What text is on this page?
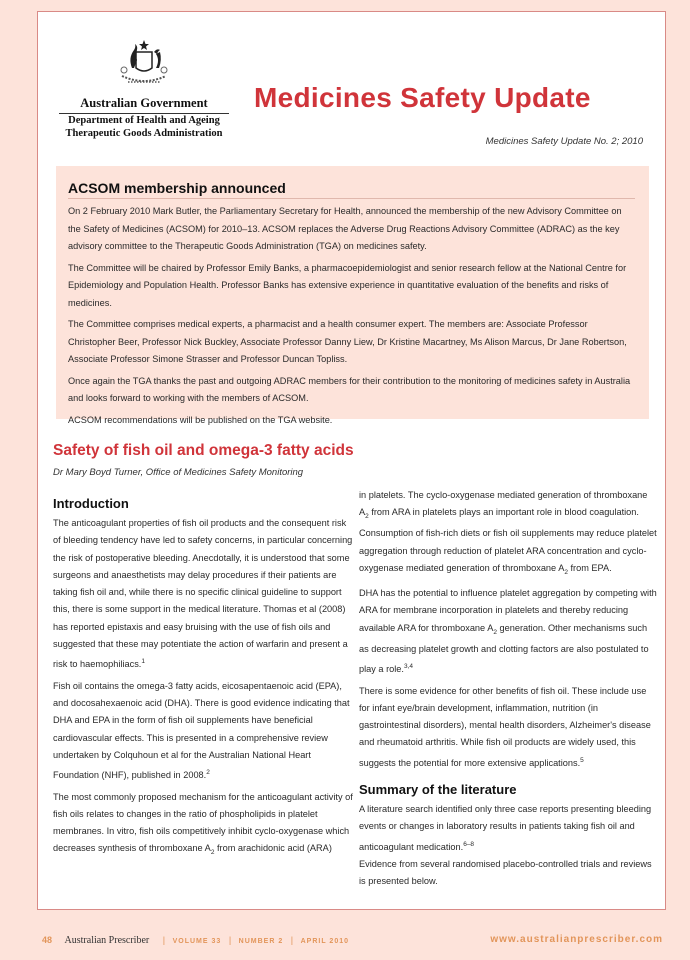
Australian Government
Department of Health and Ageing
Therapeutic Goods Administration
Medicines Safety Update
Medicines Safety Update No. 2; 2010
ACSOM membership announced

On 2 February 2010 Mark Butler, the Parliamentary Secretary for Health, announced the membership of the new Advisory Committee on the Safety of Medicines (ACSOM) for 2010–13. ACSOM replaces the Adverse Drug Reactions Advisory Committee (ADRAC) as the key advisory committee to the Therapeutic Goods Administration (TGA) on medicines safety.

The Committee will be chaired by Professor Emily Banks, a pharmacoepidemiologist and senior research fellow at the National Centre for Epidemiology and Population Health. Professor Banks has extensive experience in quantitative evaluation of the benefits and risks of medicines.

The Committee comprises medical experts, a pharmacist and a health consumer expert. The members are: Associate Professor Christopher Beer, Professor Nick Buckley, Associate Professor Danny Liew, Dr Kristine Macartney, Ms Alison Marcus, Dr Jane Robertson, Associate Professor Simone Strasser and Professor Duncan Topliss.

Once again the TGA thanks the past and outgoing ADRAC members for their contribution to the monitoring of medicines safety in Australia and looks forward to working with the members of ACSOM.

ACSOM recommendations will be published on the TGA website.

Safety of fish oil and omega-3 fatty acids
Dr Mary Boyd Turner, Office of Medicines Safety Monitoring
Introduction

The anticoagulant properties of fish oil products and the consequent risk of bleeding tendency have led to safety concerns, in particular concerning the risk of postoperative bleeding. Anecdotally, it is understood that some surgeons and anaesthetists may delay procedures if their patients are taking fish oil and, while there is no specific clinical guideline to support this, there is some support in the medical literature. Thomas et al (2008) has reported epistaxis and easy bruising with the use of fish oils and suggested that these may potentiate the action of warfarin and present a risk to haemophiliacs.$^1$

Fish oil contains the omega-3 fatty acids, eicosapentaenoic acid (EPA), and docosahexaenoic acid (DHA). There is good evidence indicating that DHA and EPA in the form of fish oil supplements have beneficial cardiovascular effects. This is presented in a comprehensive review undertaken by Colquhoun et al for the Australian National Heart Foundation (NHF), published in 2008.$^2$

The most commonly proposed mechanism for the anticoagulant activity of fish oils relates to changes in the ratio of phospholipids in platelet membranes. In vitro, fish oils competitively inhibit cyclo-oxygenase which decreases synthesis of thromboxane $A_2$ from arachidonic acid (ARA)

in platelets. The cyclo-oxygenase mediated generation of thromboxane $A_2$ from ARA in platelets plays an important role in blood coagulation. Consumption of fish-rich diets or fish oil supplements may reduce platelet aggregation through reduction of platelet ARA concentration and cyclo-oxygenase mediated generation of thromboxane $A_2$ from EPA.

DHA has the potential to influence platelet aggregation by competing with ARA for membrane incorporation in platelets and thereby reducing available ARA for thromboxane $A_2$ generation. Other mechanisms such as decreasing platelet growth and clotting factors are also postulated to play a role.$^{3,4}$

There is some evidence for other benefits of fish oil. These include use for infant eye/brain development, inflammation, nutrition (in gastrointestinal disorders), mental health disorders, Alzheimer's disease and rheumatoid arthritis. While fish oil products are widely used, this suggests the potential for more extensive applications.$^5$

Summary of the literature

A literature search identified only three case reports presenting bleeding events or changes in laboratory results in patients taking fish oil and anticoagulant medication.$^{6-8}$
Evidence from several randomised placebo-controlled trials and reviews is presented below.

48 Australian Prescriber | VOLUME 33 | NUMBER 2 | APRIL 2010	www.australianprescriber.com
